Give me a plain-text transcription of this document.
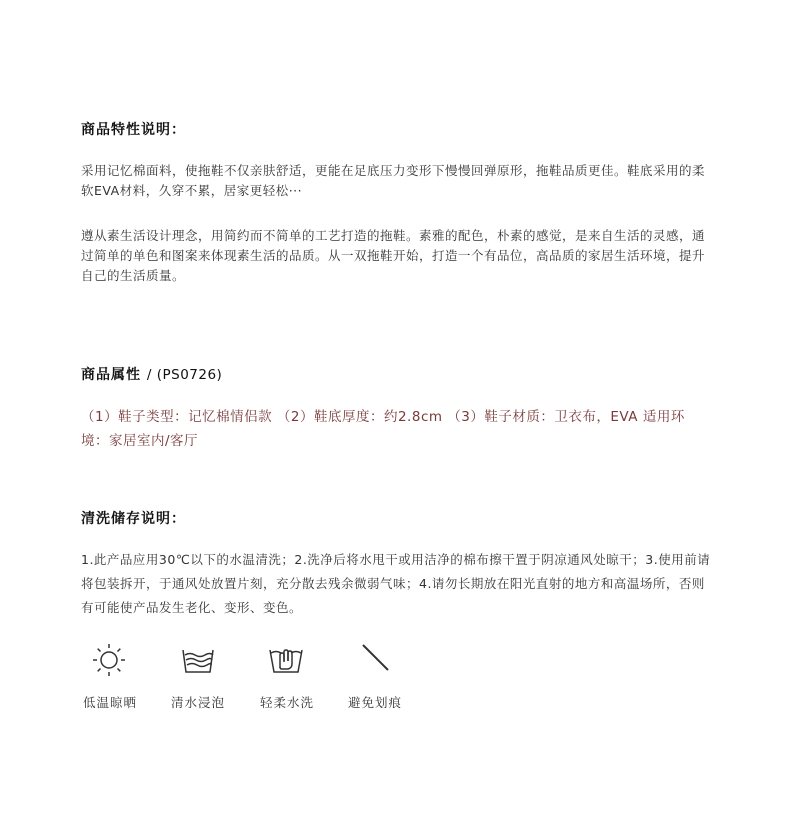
商品特性说明：
采用记忆棉面料，使拖鞋不仅亲肤舒适，更能在足底压力变形下慢慢回弹原形，拖鞋品质更佳。鞋底采用的柔软EVA材料，久穿不累，居家更轻松···
遵从素生活设计理念，用简约而不简单的工艺打造的拖鞋。素雅的配色，朴素的感觉，是来自生活的灵感，通过简单的单色和图案来体现素生活的品质。从一双拖鞋开始，打造一个有品位，高品质的家居生活环境，提升自己的生活质量。
商品属性 / (PS0726)
（1）鞋子类型：记忆棉情侣款 （2）鞋底厚度：约2.8cm （3）鞋子材质：卫衣布，EVA 适用环境：家居室内/客厅
清洗储存说明：
1.此产品应用30℃以下的水温清洗；2.洗净后将水甩干或用洁净的棉布擦干置于阴凉通风处晾干；3.使用前请将包装拆开，于通风处放置片刻，充分散去残余微弱气味；4.请勿长期放在阳光直射的地方和高温场所，否则有可能使产品发生老化、变形、变色。
低温晾晒	清水浸泡	轻柔水洗	避免划痕
